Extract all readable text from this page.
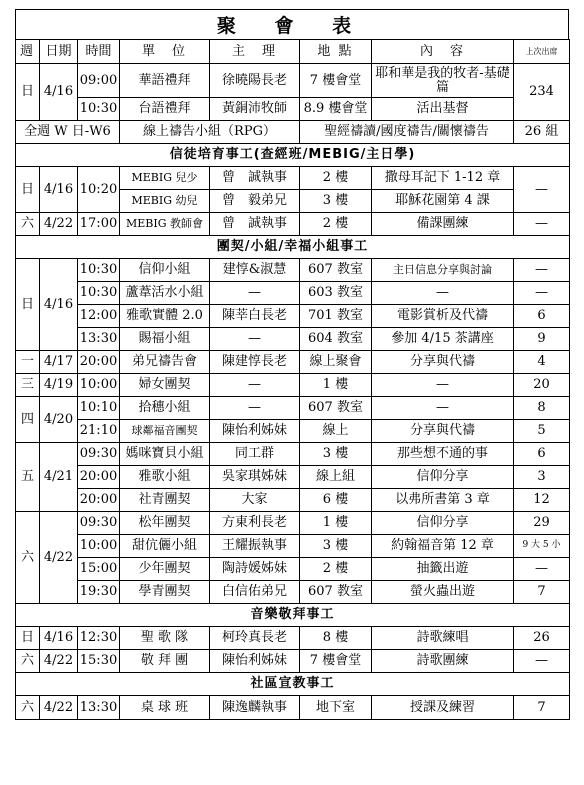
聚 會 表
週	日期	時間	單　位	主　理	地 點	內　容	上次出席
日	4/16	09:00	華語禮拜	徐曉陽長老	7 樓會堂	耶和華是我的牧者-基礎篇	234
		10:30	台語禮拜	黃銅沛牧師	8.9 樓會堂	活出基督	
全週 W 日-W6			線上禱告小組（RPG）		聖經禱讀/國度禱告/關懷禱告		26 組
信徒培育事工(查經班/MEBIG/主日學)							
日	4/16	10:20	MEBIG 兒少	曾　誠執事	2 樓	撒母耳記下 1-12 章	—
			MEBIG 幼兒	曾　毅弟兄	3 樓	耶穌花園第 4 課	
六	4/22	17:00	MEBIG 教師會	曾　誠執事	2 樓	備課團練	—
團契/小組/幸福小組事工							
日	4/16	10:30	信仰小組	建惇&淑慧	607 教室	主日信息分享與討論	—
		10:30	蘆葦活水小組	—	603 教室	—	—
		12:00	雅歌實體 2.0	陳莘白長老	701 教室	電影賞析及代禱	6
		13:30	賜福小組	—	604 教室	參加 4/15 茶講座	9
一	4/17	20:00	弟兄禱告會	陳建惇長老	線上聚會	分享與代禱	4
三	4/19	10:00	婦女團契	—	1 樓	—	20
四	4/20	10:10	拾穗小組	—	607 教室	—	8
		21:10	球鄰福音團契	陳怡利姊妹	線上	分享與代禱	5
五	4/21	09:30	媽咪寶貝小組	同工群	3 樓	那些想不通的事	6
		20:00	雅歌小組	吳家琪姊妹	線上組	信仰分享	3
		20:00	社青團契	大家	6 樓	以弗所書第 3 章	12
六	4/22	09:30	松年團契	方東利長老	1 樓	信仰分享	29
		10:00	甜伉儷小組	王耀振執事	3 樓	約翰福音第 12 章	9 大 5 小
		15:00	少年團契	陶詩媛姊妹	2 樓	抽籤出遊	—
		19:30	學青團契	白信佑弟兄	607 教室	螢火蟲出遊	7
音樂敬拜事工							
日	4/16	12:30	聖 歌 隊	柯玲真長老	8 樓	詩歌練唱	26
六	4/22	15:30	敬 拜 團	陳怡利姊妹	7 樓會堂	詩歌團練	—
社區宣教事工							
六	4/22	13:30	桌 球 班	陳逸麟執事	地下室	授課及練習	7
